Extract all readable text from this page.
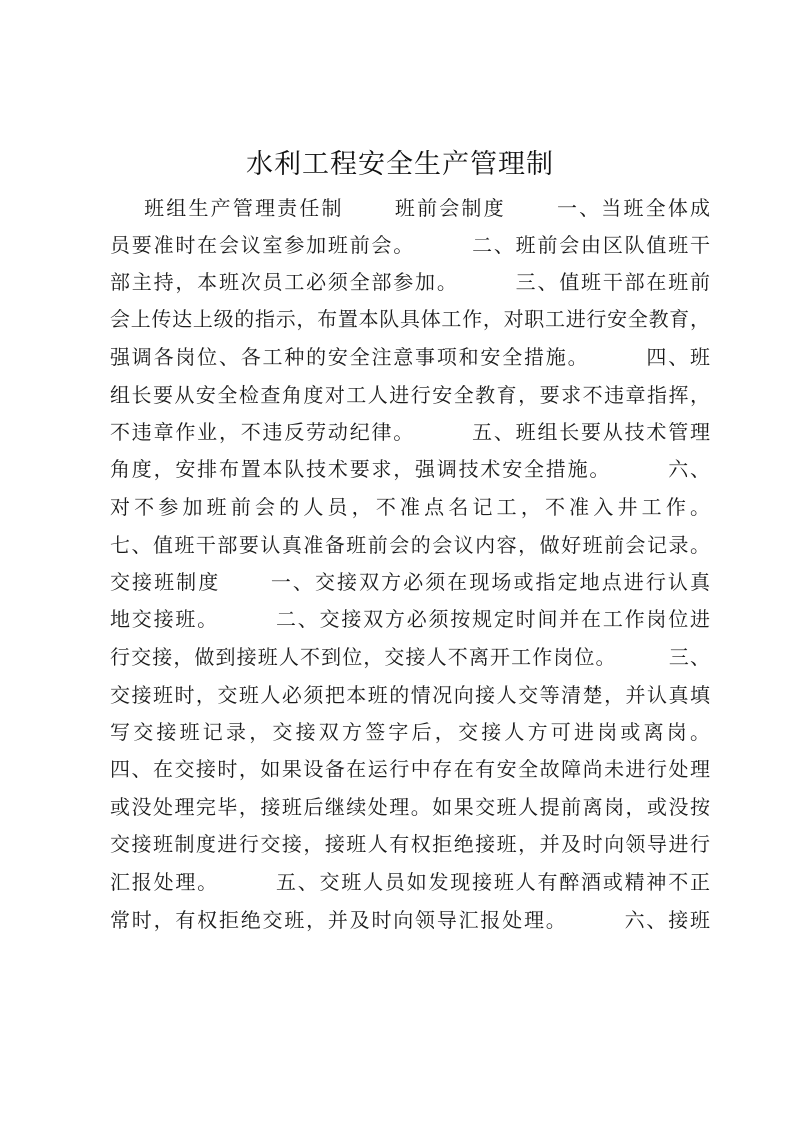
水利工程安全生产管理制
班组生产管理责任制      班前会制度      一、当班全体成
员要准时在会议室参加班前会。       二、班前会由区队值班干
部主持，本班次员工必须全部参加。       三、值班干部在班前
会上传达上级的指示，布置本队具体工作，对职工进行安全教育，
强调各岗位、各工种的安全注意事项和安全措施。       四、班
组长要从安全检查角度对工人进行安全教育，要求不违章指挥，
不违章作业，不违反劳动纪律。       五、班组长要从技术管理
角度，安排布置本队技术要求，强调技术安全措施。       六、
对不参加班前会的人员，不准点名记工，不准入井工作。
七、值班干部要认真准备班前会的会议内容，做好班前会记录。
交接班制度      一、交接双方必须在现场或指定地点进行认真
地交接班。       二、交接双方必须按规定时间并在工作岗位进
行交接，做到接班人不到位，交接人不离开工作岗位。       三、
交接班时，交班人必须把本班的情况向接人交等清楚，并认真填
写交接班记录，交接双方签字后，交接人方可进岗或离岗。
四、在交接时，如果设备在运行中存在有安全故障尚未进行处理
或没处理完毕，接班后继续处理。如果交班人提前离岗，或没按
交接班制度进行交接，接班人有权拒绝接班，并及时向领导进行
汇报处理。       五、交班人员如发现接班人有醉酒或精神不正
常时，有权拒绝交班，并及时向领导汇报处理。       六、接班
